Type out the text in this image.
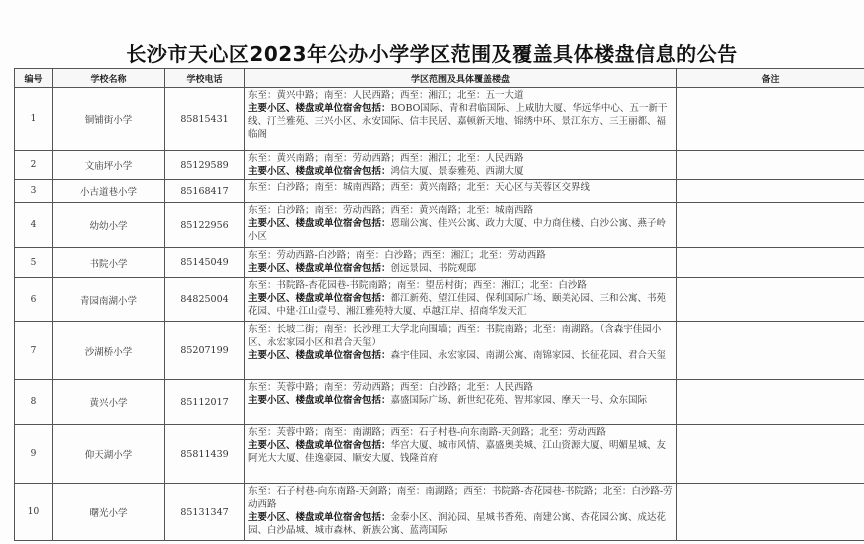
长沙市天心区2023年公办小学学区范围及覆盖具体楼盘信息的公告
编号	学校名称	学校电话	学区范围及具体覆盖楼盘	备注
1	铜铺街小学	85815431	东至：黄兴中路；南至：人民西路；西至：湘江；北至：五一大道
主要小区、楼盘或单位宿舍包括：BOBO国际、青和君临国际、上咸肋大厦、华远华中心、五一新干线、汀兰雅苑、三兴小区、永安国际、信丰民居、嘉顿新天地、锦绣中环、景江东方、三王丽都、福临阁	
2	文庙坪小学	85129589	东至：黄兴南路；南至：劳动西路；西至：湘江；北至：人民西路
主要小区、楼盘或单位宿舍包括：鸿信大厦、景泰雅苑、西湖大厦	
3	小古道巷小学	85168417	东至：白沙路；南至：城南西路；西至：黄兴南路；北至：天心区与芙蓉区交界线	
4	幼幼小学	85122956	东至：白沙路；南至：劳动西路；西至：黄兴南路；北至：城南西路
主要小区、楼盘或单位宿舍包括：恩瑞公寓、佳兴公寓、政力大厦、中力商住楼、白沙公寓、燕子岭小区	
5	书院小学	85145049	东至：劳动西路-白沙路；南至：白沙路；西至：湘江；北至：劳动西路
主要小区、楼盘或单位宿舍包括：创远景园、书院观邸	
6	青园南湖小学	84825004	东至：书院路-杏花园巷-书院南路；南至：望岳村街；西至：湘江；北至：白沙路
主要小区、楼盘或单位宿舍包括：都江新苑、望江佳园、保利国际广场、颐美沁园、三和公寓、书苑花园、中建·江山壹号、湘江雅苑特大厦、卓越江岸、招商华发天汇	
7	沙湖桥小学	85207199	东至：长坡二街；南至：长沙理工大学北向围墙；西至：书院南路；北至：南湖路。（含森宇佳园小区、永宏家园小区和君合天玺）
主要小区、楼盘或单位宿舍包括：森宇佳园、永宏家园、南湖公寓、南锦家园、长征花园、君合天玺	
8	黄兴小学	85112017	东至：芙蓉中路；南至：劳动西路；西至：白沙路；北至：人民西路
主要小区、楼盘或单位宿舍包括：嘉盛国际广场、新世纪花苑、智邦家园、摩天一号、众东国际	
9	仰天湖小学	85811439	东至：芙蓉中路；南至：南湖路；西至：石子村巷-向东南路-天剑路；北至：劳动西路
主要小区、楼盘或单位宿舍包括：华宫大厦、城市风情、嘉盛奥美城、江山资源大厦、明媚星城、友阿光大大厦、佳逸豪园、顺安大厦、钱隆首府	
10	曙光小学	85131347	东至：石子村巷-向东南路-天剑路；南至：南湖路；西至：书院路-杏花园巷-书院路；北至：白沙路-劳动西路
主要小区、楼盘或单位宿舍包括：金泰小区、润沁园、星城书香苑、南建公寓、杏花园公寓、成达花园、白沙晶城、城市森林、新族公寓、蓝湾国际	
